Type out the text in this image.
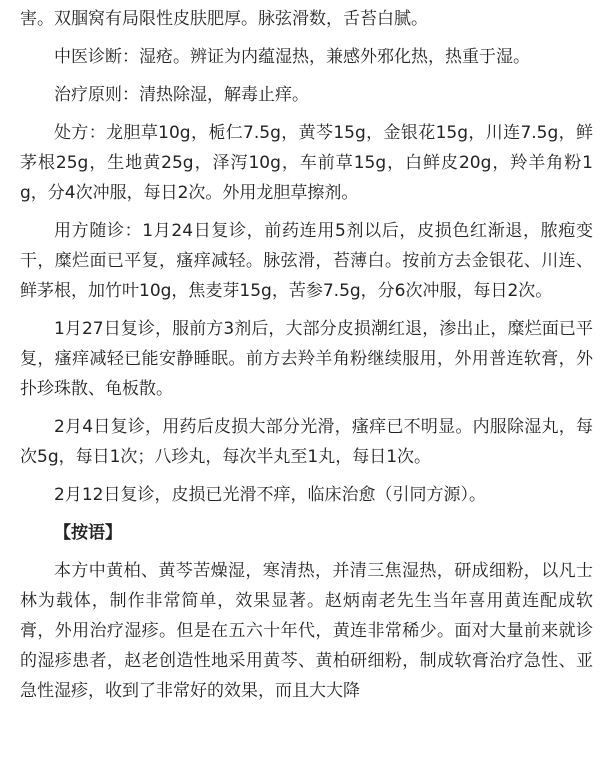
害。双腘窝有局限性皮肤肥厚。脉弦滑数，舌苔白腻。

中医诊断：湿疮。辨证为内蕴湿热，兼感外邪化热，热重于湿。

治疗原则：清热除湿，解毒止痒。

处方：龙胆草10g，栀仁7.5g，黄芩15g，金银花15g，川连7.5g，鲜茅根25g，生地黄25g，泽泻10g，车前草15g，白鲜皮20g，羚羊角粉1g，分4次冲服，每日2次。外用龙胆草擦剂。

用方随诊：1月24日复诊，前药连用5剂以后，皮损色红渐退，脓疱变干，糜烂面已平复，瘙痒减轻。脉弦滑，苔薄白。按前方去金银花、川连、鲜茅根，加竹叶10g，焦麦芽15g，苦参7.5g，分6次冲服，每日2次。

1月27日复诊，服前方3剂后，大部分皮损潮红退，渗出止，糜烂面已平复，瘙痒减轻已能安静睡眠。前方去羚羊角粉继续服用，外用普连软膏，外扑珍珠散、龟板散。

2月4日复诊，用药后皮损大部分光滑，瘙痒已不明显。内服除湿丸，每次5g，每日1次；八珍丸，每次半丸至1丸，每日1次。

2月12日复诊，皮损已光滑不痒，临床治愈（引同方源）。

【按语】

本方中黄柏、黄芩苦燥湿，寒清热，并清三焦湿热，研成细粉，以凡士林为载体，制作非常简单，效果显著。赵炳南老先生当年喜用黄连配成软膏，外用治疗湿疹。但是在五六十年代，黄连非常稀少。面对大量前来就诊的湿疹患者，赵老创造性地采用黄芩、黄柏研细粉，制成软膏治疗急性、亚急性湿疹，收到了非常好的效果，而且大大降
